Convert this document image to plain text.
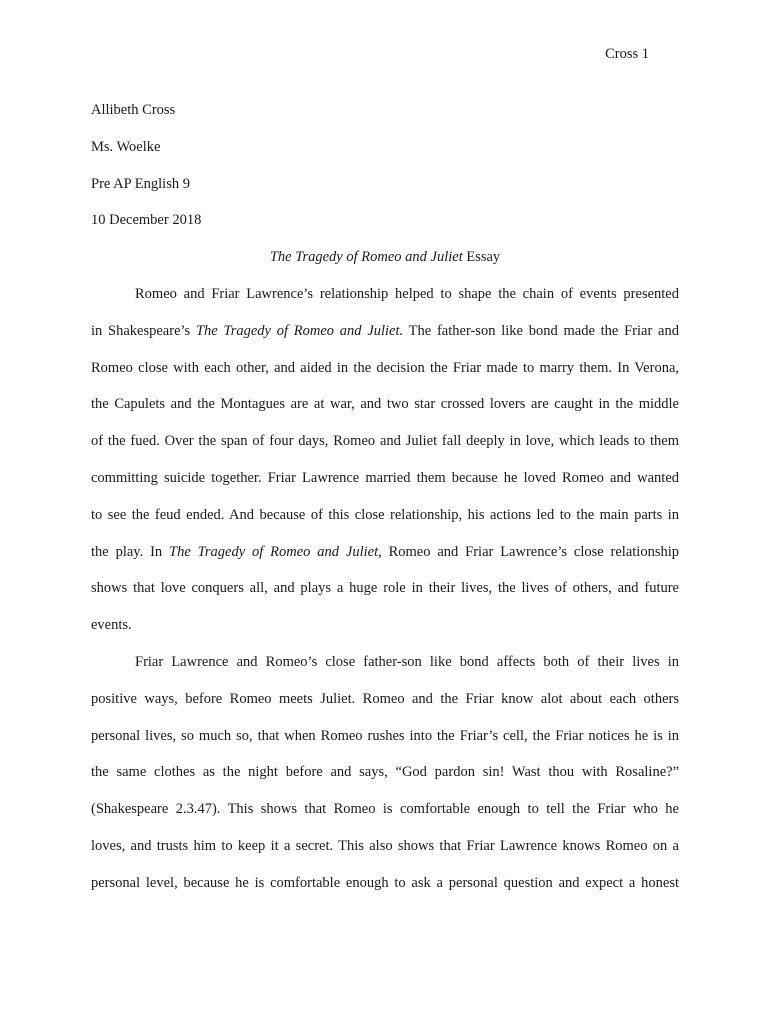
Cross 1
Allibeth Cross
Ms. Woelke
Pre AP English 9
10 December 2018
The Tragedy of Romeo and Juliet Essay
Romeo and Friar Lawrence’s relationship helped to shape the chain of events presented
in Shakespeare’s The Tragedy of Romeo and Juliet. The father-son like bond made the Friar and
Romeo close with each other, and aided in the decision the Friar made to marry them. In Verona,
the Capulets and the Montagues are at war, and two star crossed lovers are caught in the middle
of the fued. Over the span of four days, Romeo and Juliet fall deeply in love, which leads to them
committing suicide together. Friar Lawrence married them because he loved Romeo and wanted
to see the feud ended. And because of this close relationship, his actions led to the main parts in
the play. In The Tragedy of Romeo and Juliet, Romeo and Friar Lawrence’s close relationship
shows that love conquers all, and plays a huge role in their lives, the lives of others, and future
events.
Friar Lawrence and Romeo’s close father-son like bond affects both of their lives in
positive ways, before Romeo meets Juliet. Romeo and the Friar know alot about each others
personal lives, so much so, that when Romeo rushes into the Friar’s cell, the Friar notices he is in
the same clothes as the night before and says, “God pardon sin! Wast thou with Rosaline?”
(Shakespeare 2.3.47). This shows that Romeo is comfortable enough to tell the Friar who he
loves, and trusts him to keep it a secret. This also shows that Friar Lawrence knows Romeo on a
personal level, because he is comfortable enough to ask a personal question and expect a honest
